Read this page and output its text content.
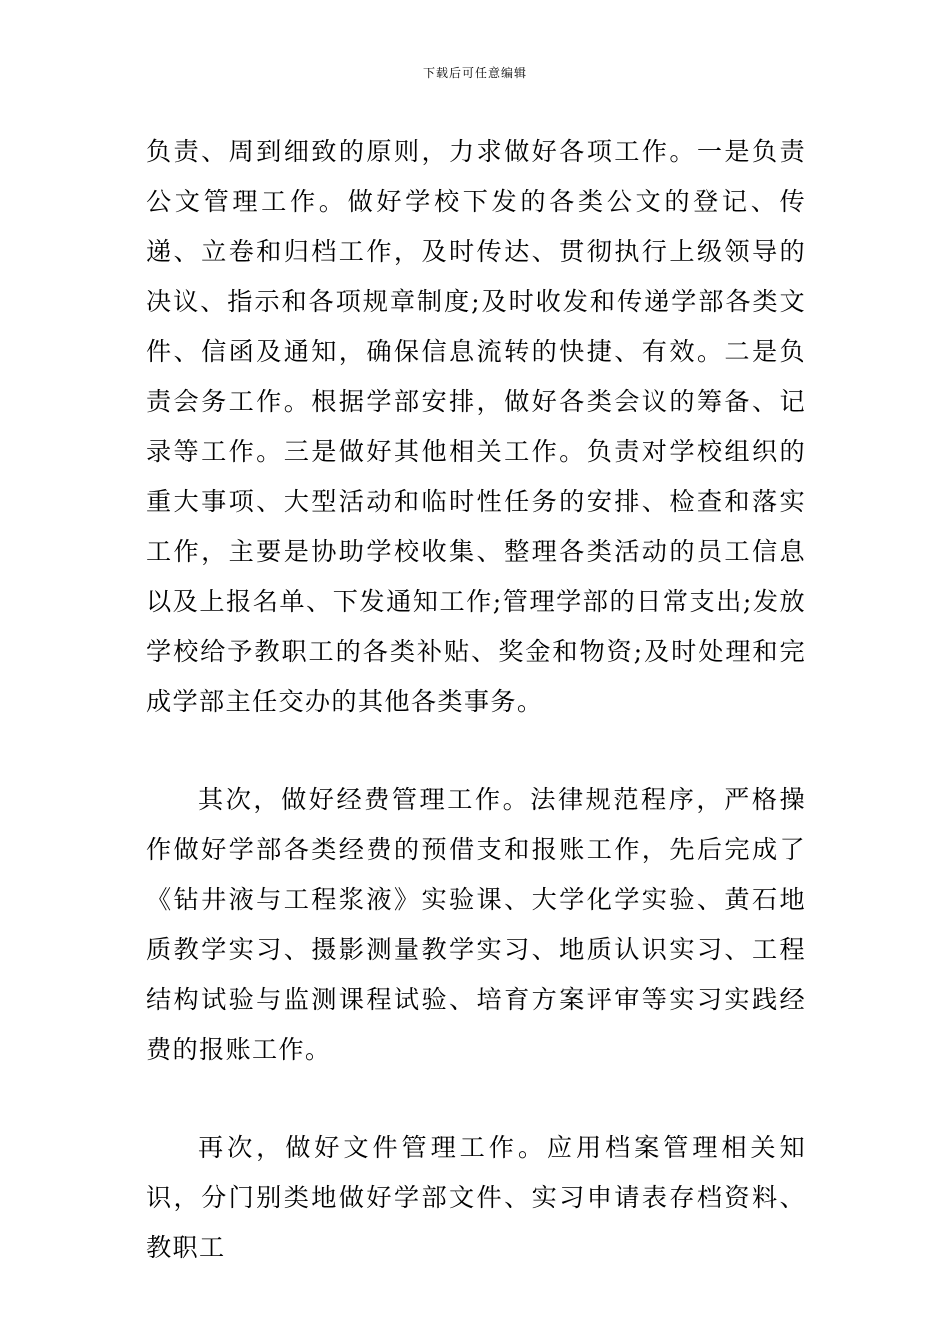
下载后可任意编辑

负责、周到细致的原则，力求做好各项工作。一是负责公文管理工作。做好学校下发的各类公文的登记、传递、立卷和归档工作，及时传达、贯彻执行上级领导的决议、指示和各项规章制度;及时收发和传递学部各类文件、信函及通知，确保信息流转的快捷、有效。二是负责会务工作。根据学部安排，做好各类会议的筹备、记录等工作。三是做好其他相关工作。负责对学校组织的重大事项、大型活动和临时性任务的安排、检查和落实工作，主要是协助学校收集、整理各类活动的员工信息以及上报名单、下发通知工作;管理学部的日常支出;发放学校给予教职工的各类补贴、奖金和物资;及时处理和完成学部主任交办的其他各类事务。

其次，做好经费管理工作。法律规范程序，严格操作做好学部各类经费的预借支和报账工作，先后完成了《钻井液与工程浆液》实验课、大学化学实验、黄石地质教学实习、摄影测量教学实习、地质认识实习、工程结构试验与监测课程试验、培育方案评审等实习实践经费的报账工作。

再次，做好文件管理工作。应用档案管理相关知识，分门别类地做好学部文件、实习申请表存档资料、教职工
